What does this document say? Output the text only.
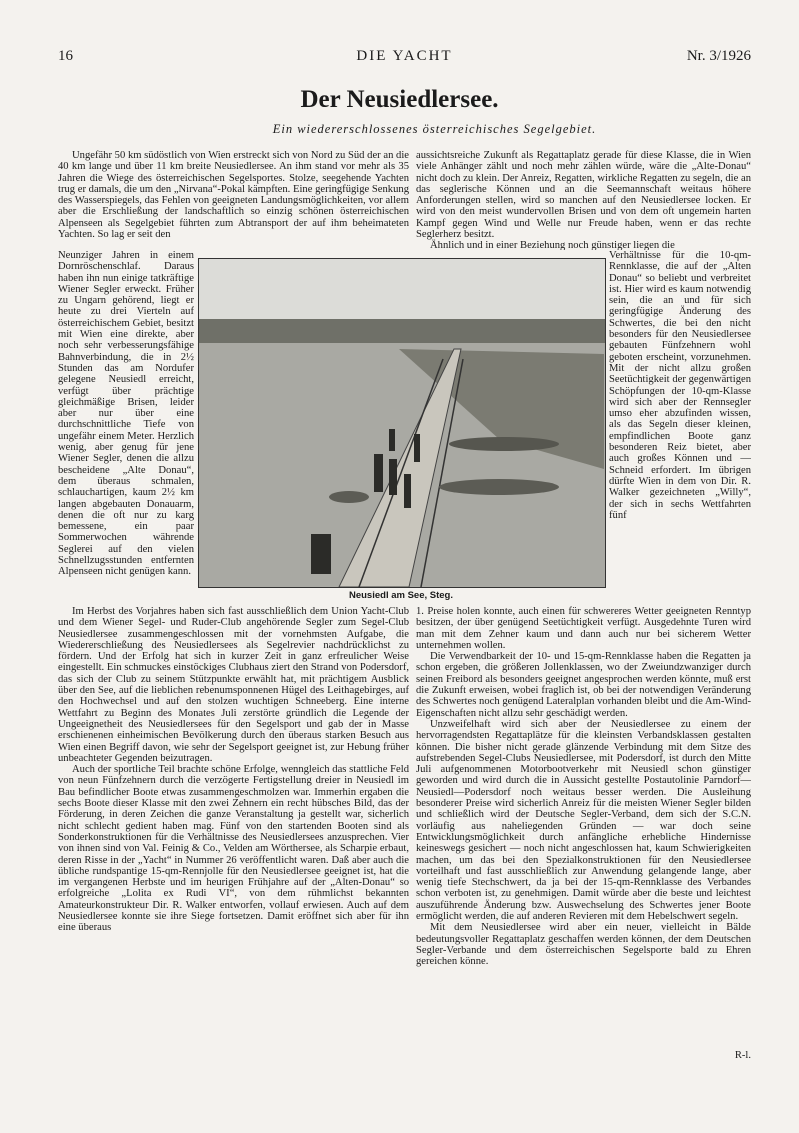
16	DIE YACHT	Nr. 3/1926
Der Neusiedlersee.
Ein wiedererschlossenes österreichisches Segelgebiet.

Ungefähr 50 km südöstlich von Wien erstreckt sich von Nord zu Süd der an die 40 km lange und über 11 km breite Neusiedlersee. An ihm stand vor mehr als 35 Jahren die Wiege des österreichischen Segelsportes. Stolze, seegehende Yachten trug er damals, die um den „Nirvana“-Pokal kämpften. Eine geringfügige Senkung des Wasserspiegels, das Fehlen von geeigneten Landungsmöglichkeiten, vor allem aber die Erschließung der landschaftlich so einzig schönen österreichischen Alpenseen als Segelgebiet führten zum Abtransport der auf ihm beheimateten Yachten. So lag er seit den

Neunziger Jahren in einem Dornröschenschlaf. Daraus haben ihn nun einige tatkräftige Wiener Segler erweckt. Früher zu Ungarn gehörend, liegt er heute zu drei Vierteln auf österreichischem Gebiet, besitzt mit Wien eine direkte, aber noch sehr verbesserungsfähige Bahnverbindung, die in 2½ Stunden das am Nordufer gelegene Neusiedl erreicht, verfügt über prächtige gleichmäßige Brisen, leider aber nur über eine durchschnittliche Tiefe von ungefähr einem Meter. Herzlich wenig, aber genug für jene Wiener Segler, denen die allzu bescheidene „Alte Donau“, dem überaus schmalen, schlauchartigen, kaum 2½ km langen abgebauten Donauarm, denen die oft nur zu karg bemessene, ein paar Sommerwochen währende Seglerei auf den vielen Schnellzugsstunden entfernten Alpenseen nicht genügen kann.

Im Herbst des Vorjahres haben sich fast ausschließlich dem Union Yacht-Club und dem Wiener Segel- und Ruder-Club angehörende Segler zum Segel-Club Neusiedlersee zusammengeschlossen mit der vornehmsten Aufgabe, die Wiedererschließung des Neusiedlersees als Segelrevier nachdrücklichst zu fördern. Und der Erfolg hat sich in kurzer Zeit in ganz erfreulicher Weise eingestellt. Ein schmuckes einstöckiges Clubhaus ziert den Strand von Podersdorf, das sich der Club zu seinem Stützpunkte erwählt hat, mit prächtigem Ausblick über den See, auf die lieblichen rebenumsponnenen Hügel des Leithagebirges, auf den Hochwechsel und auf den stolzen wuchtigen Schneeberg. Eine interne Wettfahrt zu Beginn des Monates Juli zerstörte gründlich die Legende der Ungeeignetheit des Neusiedlersees für den Segelsport und gab der in Masse erschienenen einheimischen Bevölkerung durch den überaus starken Besuch aus Wien einen Begriff davon, wie sehr der Segelsport geeignet ist, zur Hebung früher unbeachteter Gegenden beizutragen.

Auch der sportliche Teil brachte schöne Erfolge, wenngleich das stattliche Feld von neun Fünfzehnern durch die verzögerte Fertigstellung dreier in Neusiedl im Bau befindlicher Boote etwas zusammengeschmolzen war. Immerhin ergaben die sechs Boote dieser Klasse mit den zwei Zehnern ein recht hübsches Bild, das der Förderung, in deren Zeichen die ganze Veranstaltung ja gestellt war, sicherlich nicht schlecht gedient haben mag. Fünf von den startenden Booten sind als Sonderkonstruktionen für die Verhältnisse des Neusiedlersees anzusprechen. Vier von ihnen sind von Val. Feinig & Co., Velden am Wörthersee, als Scharpie erbaut, deren Risse in der „Yacht“ in Nummer 26 veröffentlicht waren. Daß aber auch die übliche rundspantige 15-qm-Rennjolle für den Neusiedlersee geeignet ist, hat die im vergangenen Herbste und im heurigen Frühjahre auf der „Alten-Donau“ so erfolgreiche „Lolita ex Rudi VI“, von dem rühmlichst bekannten Amateurkonstrukteur Dir. R. Walker entworfen, vollauf erwiesen. Auch auf dem Neusiedlersee konnte sie ihre Siege fortsetzen. Damit eröffnet sich aber für ihn eine überaus

aussichtsreiche Zukunft als Regattaplatz gerade für diese Klasse, die in Wien viele Anhänger zählt und noch mehr zählen würde, wäre die „Alte-Donau“ nicht doch zu klein. Der Anreiz, Regatten, wirkliche Regatten zu segeln, die an das seglerische Können und an die Seemannschaft weitaus höhere Anforderungen stellen, wird so manchen auf den Neusiedlersee locken. Er wird von den meist wundervollen Brisen und von dem oft ungemein harten Kampf gegen Wind und Welle nur Freude haben, wenn er das rechte Seglerherz besitzt.

Ähnlich und in einer Beziehung noch günstiger liegen die

Verhältnisse für die 10-qm-Rennklasse, die auf der „Alten Donau“ so beliebt und verbreitet ist. Hier wird es kaum notwendig sein, die an und für sich geringfügige Änderung des Schwertes, die bei den nicht besonders für den Neusiedlersee gebauten Fünfzehnern wohl geboten erscheint, vorzunehmen. Mit der nicht allzu großen Seetüchtigkeit der gegenwärtigen Schöpfungen der 10-qm-Klasse wird sich aber der Rennsegler umso eher abzufinden wissen, als das Segeln dieser kleinen, empfindlichen Boote ganz besonderen Reiz bietet, aber auch großes Können und — Schneid erfordert. Im übrigen dürfte Wien in dem von Dir. R. Walker gezeichneten „Willy“, der sich in sechs Wettfahrten fünf

1. Preise holen konnte, auch einen für schwereres Wetter geeigneten Renntyp besitzen, der über genügend Seetüchtigkeit verfügt. Ausgedehnte Turen wird man mit dem Zehner kaum und dann auch nur bei sicherem Wetter unternehmen wollen.

Die Verwendbarkeit der 10- und 15-qm-Rennklasse haben die Regatten ja schon ergeben, die größeren Jollenklassen, wo der Zweiundzwanziger durch seinen Freibord als besonders geeignet angesprochen werden könnte, muß erst die Zukunft erweisen, wobei fraglich ist, ob bei der notwendigen Veränderung des Schwertes noch genügend Lateralplan vorhanden bleibt und die Am-Wind-Eigenschaften nicht allzu sehr geschädigt werden.

Unzweifelhaft wird sich aber der Neusiedlersee zu einem der hervorragendsten Regattaplätze für die kleinsten Verbandsklassen gestalten können. Die bisher nicht gerade glänzende Verbindung mit dem Sitze des aufstrebenden Segel-Clubs Neusiedlersee, mit Podersdorf, ist durch den Mitte Juli aufgenommenen Motorbootverkehr mit Neusiedl schon günstiger geworden und wird durch die in Aussicht gestellte Postautolinie Parndorf—Neusiedl—Podersdorf noch weitaus besser werden. Die Ausleihung besonderer Preise wird sicherlich Anreiz für die meisten Wiener Segler bilden und schließlich wird der Deutsche Segler-Verband, dem sich der S.C.N. vorläufig aus naheliegenden Gründen — war doch seine Entwicklungsmöglichkeit durch anfängliche erhebliche Hindernisse keineswegs gesichert — noch nicht angeschlossen hat, kaum Schwierigkeiten machen, um das bei den Spezialkonstruktionen für den Neusiedlersee vorteilhaft und fast ausschließlich zur Anwendung gelangende lange, aber wenig tiefe Stechschwert, da ja bei der 15-qm-Rennklasse des Verbandes schon verboten ist, zu genehmigen. Damit würde aber die beste und leichtest auszuführende Änderung bzw. Auswechselung des Schwertes jener Boote ermöglicht werden, die auf anderen Revieren mit dem Hebelschwert segeln.

Mit dem Neusiedlersee wird aber ein neuer, vielleicht in Bälde bedeutungsvoller Regattaplatz geschaffen werden können, der dem Deutschen Segler-Verbande und dem österreichischen Segelsporte bald zu Ehren gereichen könne.

R-l.
Neusiedl am See, Steg.
